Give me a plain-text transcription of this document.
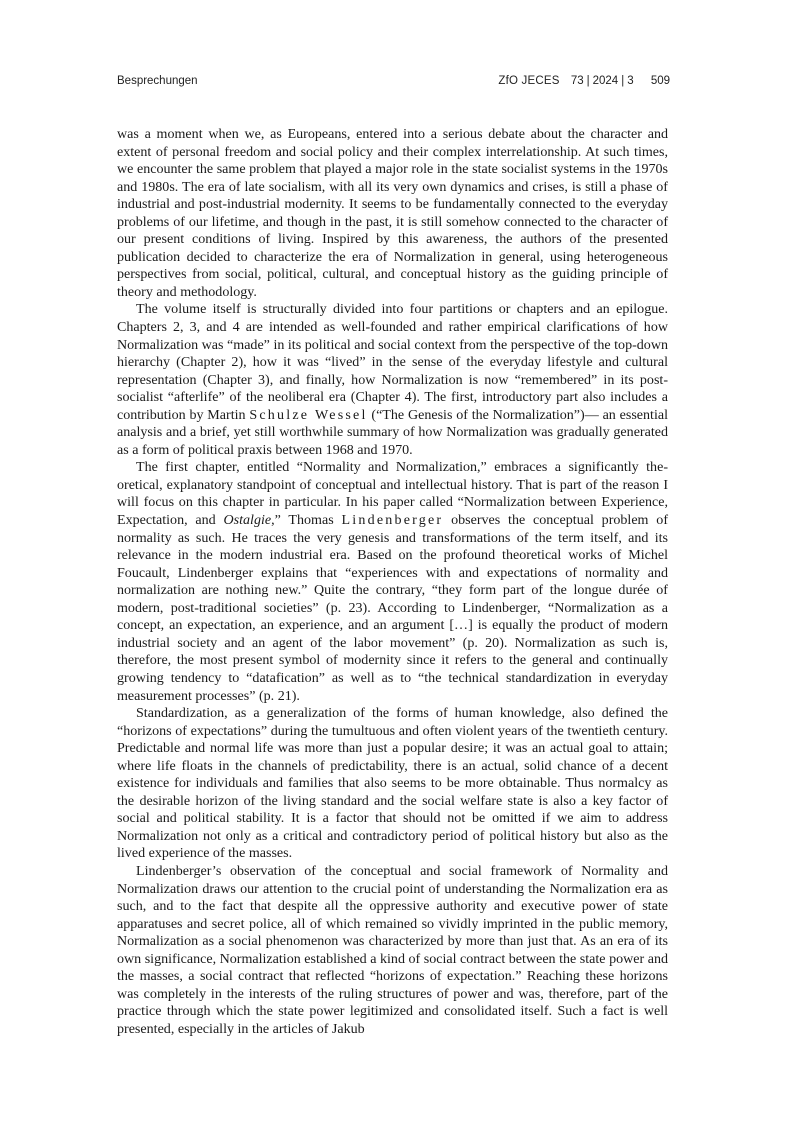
Besprechungen	ZfO JECES 73 | 2024 | 3 509

was a moment when we, as Europeans, entered into a serious debate about the character and extent of personal freedom and social policy and their complex interrelationship. At such times, we encounter the same problem that played a major role in the state socialist systems in the 1970s and 1980s. The era of late socialism, with all its very own dynamics and crises, is still a phase of industrial and post-industrial modernity. It seems to be fundamentally connected to the everyday problems of our lifetime, and though in the past, it is still somehow connected to the character of our present conditions of living. Inspired by this awareness, the authors of the presented publication decided to characterize the era of Normalization in general, using heterogeneous perspectives from social, political, cultural, and conceptual history as the guiding principle of theory and methodology.

The volume itself is structurally divided into four partitions or chapters and an epilogue. Chapters 2, 3, and 4 are intended as well-founded and rather empirical clarifications of how Normalization was “made” in its political and social context from the perspective of the top-down hierarchy (Chapter 2), how it was “lived” in the sense of the everyday lifestyle and cultural representation (Chapter 3), and finally, how Normalization is now “remembered” in its post-socialist “afterlife” of the neoliberal era (Chapter 4). The first, introductory part also includes a contribution by Martin Schulze Wessel (“The Genesis of the Normalization”)— an essential analysis and a brief, yet still worthwhile summary of how Normalization was gradually generated as a form of political praxis between 1968 and 1970.

The first chapter, entitled “Normality and Normalization,” embraces a significantly theoretical, explanatory standpoint of conceptual and intellectual history. That is part of the reason I will focus on this chapter in particular. In his paper called “Normalization between Experience, Expectation, and Ostalgie,” Thomas Lindenberger observes the conceptual problem of normality as such. He traces the very genesis and transformations of the term itself, and its relevance in the modern industrial era. Based on the profound theoretical works of Michel Foucault, Lindenberger explains that “experiences with and expectations of normality and normalization are nothing new.” Quite the contrary, “they form part of the longue durée of modern, post-traditional societies” (p. 23). According to Lindenberger, “Normalization as a concept, an expectation, an experience, and an argument […] is equally the product of modern industrial society and an agent of the labor movement” (p. 20). Normalization as such is, therefore, the most present symbol of modernity since it refers to the general and continually growing tendency to “datafication” as well as to “the technical standardization in everyday measurement processes” (p. 21).

Standardization, as a generalization of the forms of human knowledge, also defined the “horizons of expectations” during the tumultuous and often violent years of the twentieth century. Predictable and normal life was more than just a popular desire; it was an actual goal to attain; where life floats in the channels of predictability, there is an actual, solid chance of a decent existence for individuals and families that also seems to be more obtainable. Thus normalcy as the desirable horizon of the living standard and the social welfare state is also a key factor of social and political stability. It is a factor that should not be omitted if we aim to address Normalization not only as a critical and contradictory period of political history but also as the lived experience of the masses.

Lindenberger’s observation of the conceptual and social framework of Normality and Normalization draws our attention to the crucial point of understanding the Normalization era as such, and to the fact that despite all the oppressive authority and executive power of state apparatuses and secret police, all of which remained so vividly imprinted in the public memory, Normalization as a social phenomenon was characterized by more than just that. As an era of its own significance, Normalization established a kind of social contract between the state power and the masses, a social contract that reflected “horizons of expectation.” Reaching these horizons was completely in the interests of the ruling structures of power and was, therefore, part of the practice through which the state power legitimized and consolidated itself. Such a fact is well presented, especially in the articles of Jakub
